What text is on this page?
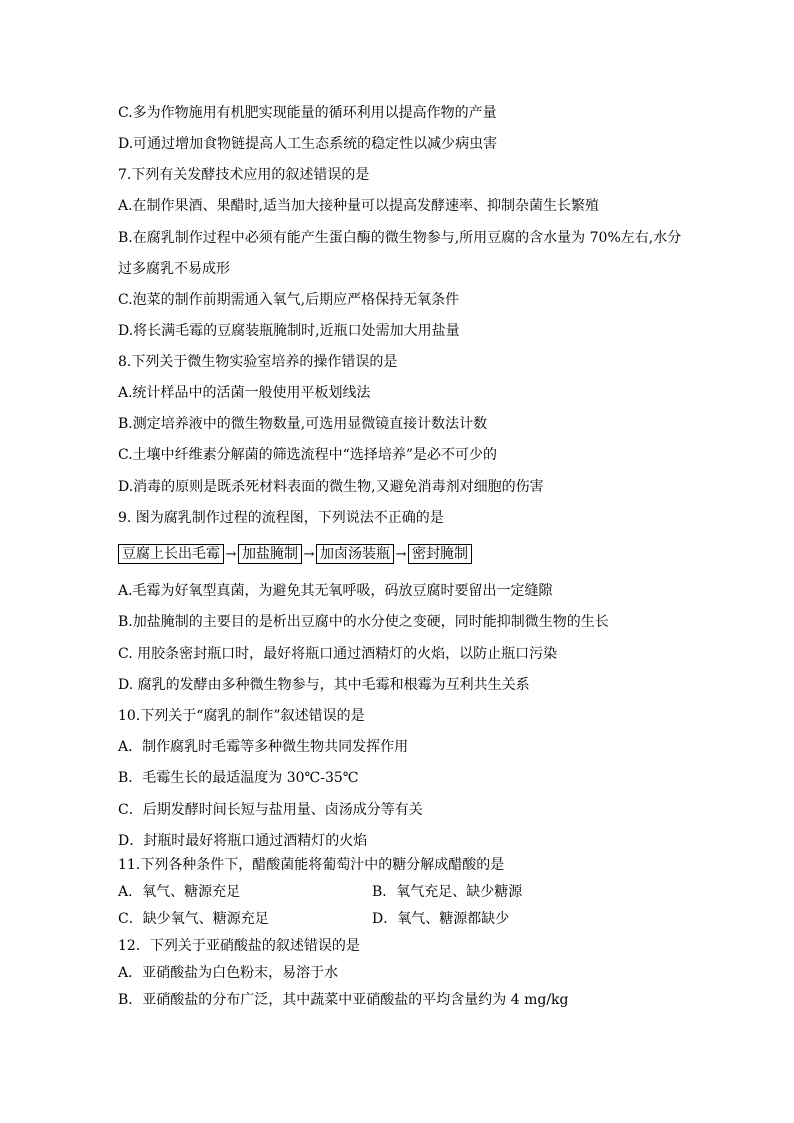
C.多为作物施用有机肥实现能量的循环利用以提高作物的产量
D.可通过增加食物链提高人工生态系统的稳定性以减少病虫害
7.下列有关发酵技术应用的叙述错误的是
A.在制作果酒、果醋时,适当加大接种量可以提高发酵速率、抑制杂菌生长繁殖
B.在腐乳制作过程中必须有能产生蛋白酶的微生物参与,所用豆腐的含水量为 70%左右,水分
过多腐乳不易成形
C.泡菜的制作前期需通入氧气,后期应严格保持无氧条件
D.将长满毛霉的豆腐装瓶腌制时,近瓶口处需加大用盐量
8.下列关于微生物实验室培养的操作错误的是
A.统计样品中的活菌一般使用平板划线法
B.测定培养液中的微生物数量,可选用显微镜直接计数法计数
C.土壤中纤维素分解菌的筛选流程中“选择培养”是必不可少的
D.消毒的原则是既杀死材料表面的微生物,又避免消毒剂对细胞的伤害
9. 图为腐乳制作过程的流程图，下列说法不正确的是
豆腐上长出毛霉 → 加盐腌制 → 加卤汤装瓶 → 密封腌制
A.毛霉为好氧型真菌，为避免其无氧呼吸，码放豆腐时要留出一定缝隙
B.加盐腌制的主要目的是析出豆腐中的水分使之变硬，同时能抑制微生物的生长
C. 用胶条密封瓶口时，最好将瓶口通过酒精灯的火焰，以防止瓶口污染
D. 腐乳的发酵由多种微生物参与，其中毛霉和根霉为互利共生关系
10.下列关于“腐乳的制作”叙述错误的是
A．制作腐乳时毛霉等多种微生物共同发挥作用
B．毛霉生长的最适温度为 30℃-35℃
C．后期发酵时间长短与盐用量、卤汤成分等有关
D．封瓶时最好将瓶口通过酒精灯的火焰
11.下列各种条件下，醋酸菌能将葡萄汁中的糖分解成醋酸的是
A．氧气、糖源充足	B．氧气充足、缺少糖源
C．缺少氧气、糖源充足	D．氧气、糖源都缺少
12．下列关于亚硝酸盐的叙述错误的是
A．亚硝酸盐为白色粉末，易溶于水
B．亚硝酸盐的分布广泛，其中蔬菜中亚硝酸盐的平均含量约为 4 mg/kg
